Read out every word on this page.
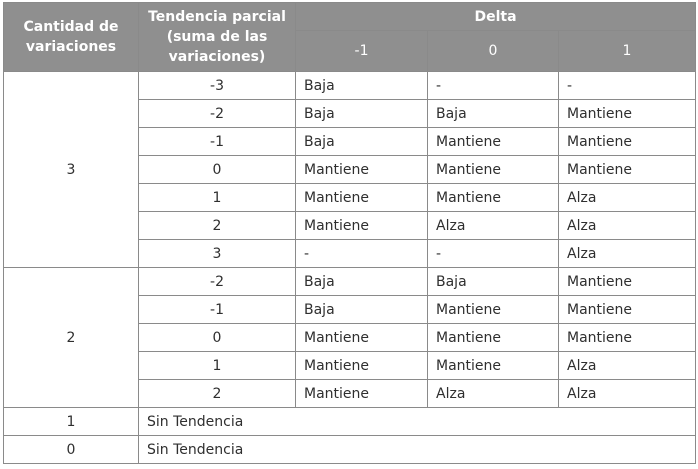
Cantidad de variaciones	Tendencia parcial (suma de las variaciones)	Delta		
		-1	0	1
3	-3	Baja	-	-
	-2	Baja	Baja	Mantiene
	-1	Baja	Mantiene	Mantiene
	0	Mantiene	Mantiene	Mantiene
	1	Mantiene	Mantiene	Alza
	2	Mantiene	Alza	Alza
	3	-	-	Alza
2	-2	Baja	Baja	Mantiene
	-1	Baja	Mantiene	Mantiene
	0	Mantiene	Mantiene	Mantiene
	1	Mantiene	Mantiene	Alza
	2	Mantiene	Alza	Alza
1	Sin Tendencia			
0	Sin Tendencia			
